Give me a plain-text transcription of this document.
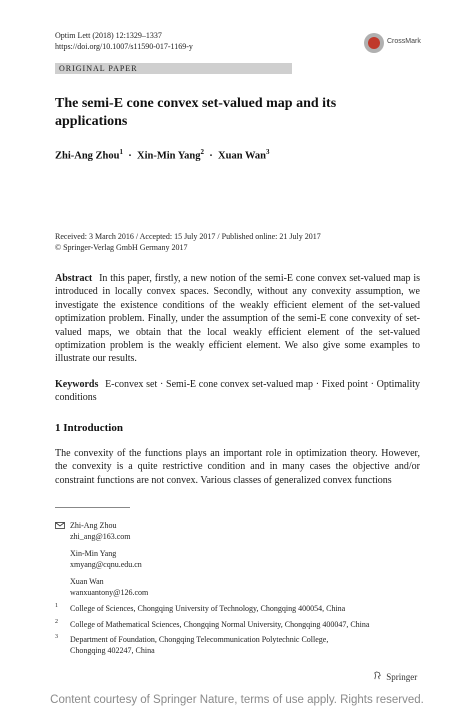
Optim Lett (2018) 12:1329–1337
https://doi.org/10.1007/s11590-017-1169-y
CrossMark
ORIGINAL PAPER
The semi-E cone convex set-valued map and its
applications
Zhi-Ang Zhou$^1$ · Xin-Min Yang$^2$ · Xuan Wan$^3$
Received: 3 March 2016 / Accepted: 15 July 2017 / Published online: 21 July 2017
© Springer-Verlag GmbH Germany 2017
Abstract In this paper, firstly, a new notion of the semi-E cone convex set-valued map is introduced in locally convex spaces. Secondly, without any convexity assumption, we investigate the existence conditions of the weakly efficient element of the set-valued optimization problem. Finally, under the assumption of the semi-E cone convexity of set-valued maps, we obtain that the local weakly efficient element of the set-valued optimization problem is the weakly efficient element. We also give some examples to illustrate our results.
Keywords E-convex set · Semi-E cone convex set-valued map · Fixed point · Optimality conditions
1 Introduction
The convexity of the functions plays an important role in optimization theory. However, the convexity is a quite restrictive condition and in many cases the objective and/or constraint functions are not convex. Various classes of generalized convex functions
Zhi-Ang Zhou
zhi_ang@163.com
Xin-Min Yang
xmyang@cqnu.edu.cn
Xuan Wan
wanxuantony@126.com
1 College of Sciences, Chongqing University of Technology, Chongqing 400054, China
2 College of Mathematical Sciences, Chongqing Normal University, Chongqing 400047, China
3 Department of Foundation, Chongqing Telecommunication Polytechnic College,
Chongqing 402247, China
Springer
Content courtesy of Springer Nature, terms of use apply. Rights reserved.
